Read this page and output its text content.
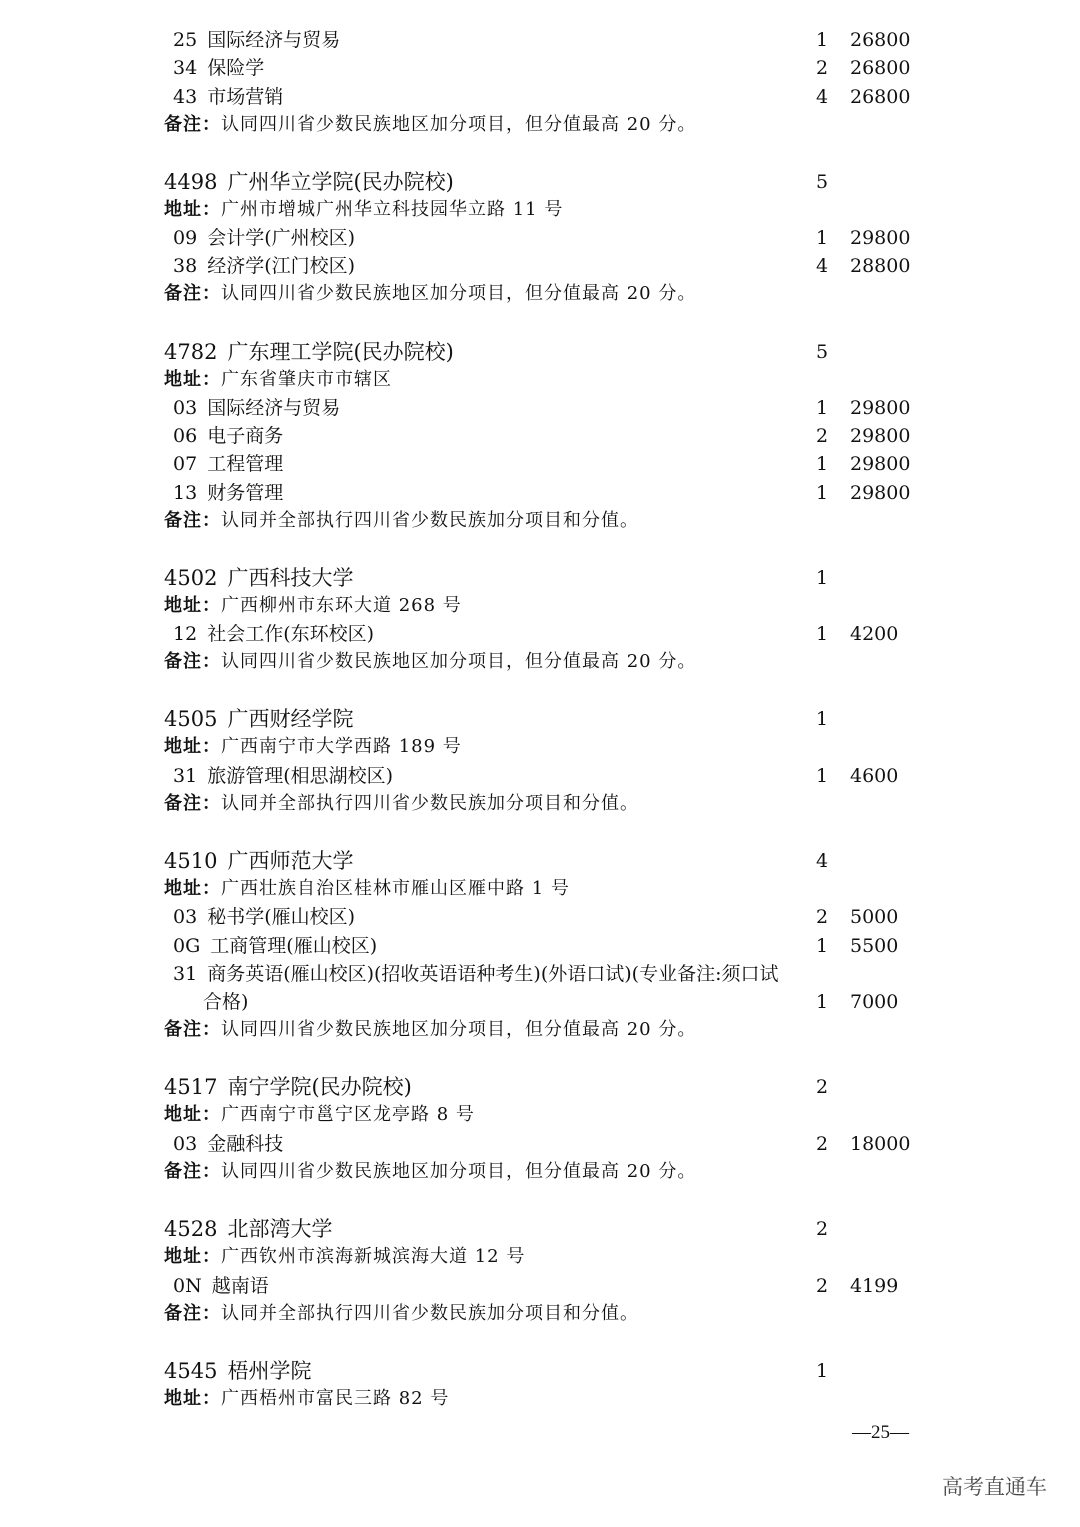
25 国际经济与贸易	1	26800
34 保险学	2	26800
43 市场营销	4	26800
备注：认同四川省少数民族地区加分项目，但分值最高 20 分。
4498 广州华立学院(民办院校)	5
地址：广州市增城广州华立科技园华立路 11 号
09 会计学(广州校区)	1	29800
38 经济学(江门校区)	4	28800
备注：认同四川省少数民族地区加分项目，但分值最高 20 分。
4782 广东理工学院(民办院校)	5
地址：广东省肇庆市市辖区
03 国际经济与贸易	1	29800
06 电子商务	2	29800
07 工程管理	1	29800
13 财务管理	1	29800
备注：认同并全部执行四川省少数民族加分项目和分值。
4502 广西科技大学	1
地址：广西柳州市东环大道 268 号
12 社会工作(东环校区)	1	4200
备注：认同四川省少数民族地区加分项目，但分值最高 20 分。
4505 广西财经学院	1
地址：广西南宁市大学西路 189 号
31 旅游管理(相思湖校区)	1	4600
备注：认同并全部执行四川省少数民族加分项目和分值。
4510 广西师范大学	4
地址：广西壮族自治区桂林市雁山区雁中路 1 号
03 秘书学(雁山校区)	2	5000
0G 工商管理(雁山校区)	1	5500
31 商务英语(雁山校区)(招收英语语种考生)(外语口试)(专业备注:须口试
合格)	1	7000
备注：认同四川省少数民族地区加分项目，但分值最高 20 分。
4517 南宁学院(民办院校)	2
地址：广西南宁市邕宁区龙亭路 8 号
03 金融科技	2	18000
备注：认同四川省少数民族地区加分项目，但分值最高 20 分。
4528 北部湾大学	2
地址：广西钦州市滨海新城滨海大道 12 号
0N 越南语	2	4199
备注：认同并全部执行四川省少数民族加分项目和分值。
4545 梧州学院	1
地址：广西梧州市富民三路 82 号
—25—
高考直通车
